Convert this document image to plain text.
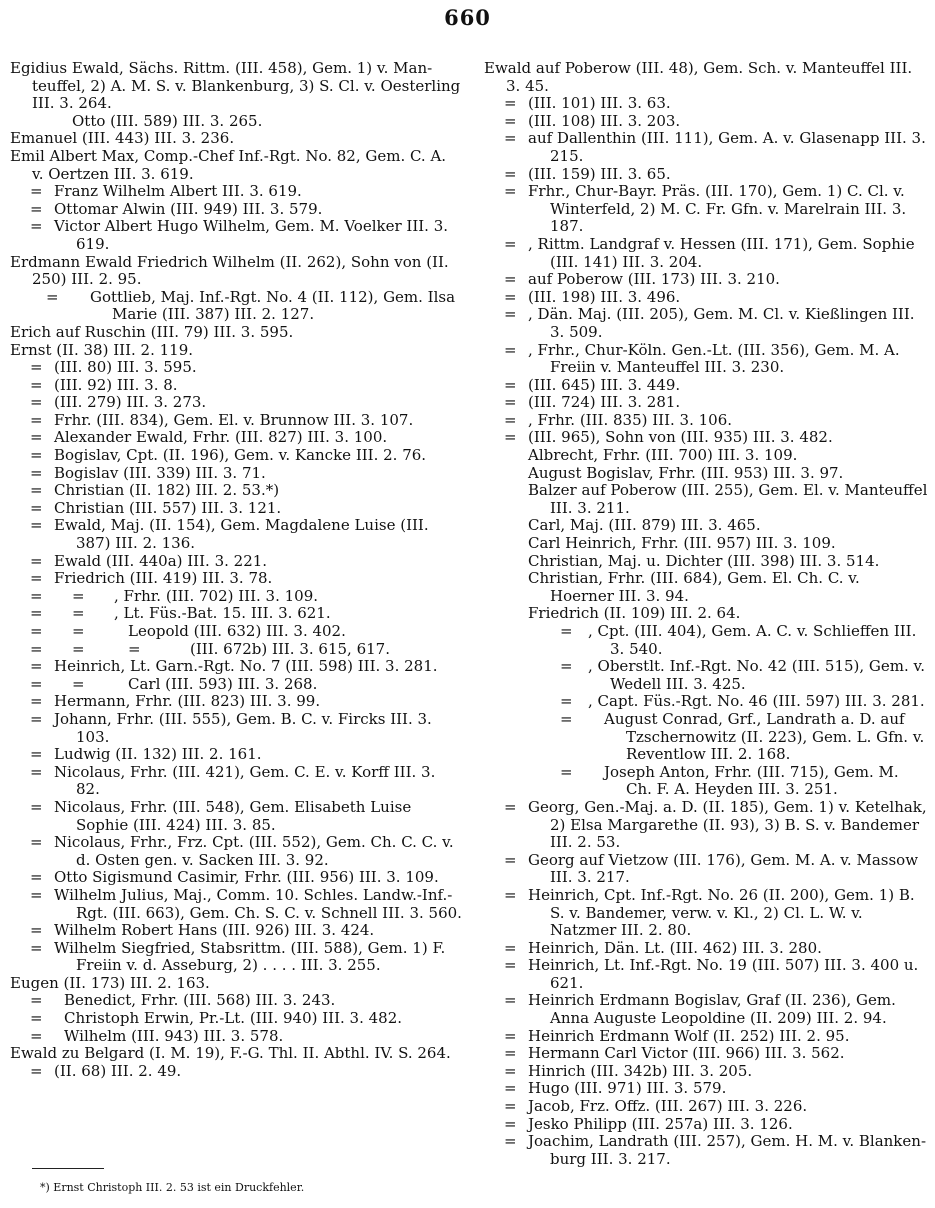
660
Egidius Ewald, Sächs. Rittm. (III. 458), Gem. 1) v. Manteuffel, 2) A. M. S. v. Blankenburg, 3) S. Cl. v. Oesterling III. 3. 264.
Otto (III. 589) III. 3. 265.
Emanuel (III. 443) III. 3. 236.
Emil Albert Max, Comp.-Chef Inf.-Rgt. No. 82, Gem. C. A. v. Oertzen III. 3. 619.
= Franz Wilhelm Albert III. 3. 619.
= Ottomar Alwin (III. 949) III. 3. 579.
= Victor Albert Hugo Wilhelm, Gem. M. Voelker III. 3. 619.
Erdmann Ewald Friedrich Wilhelm (II. 262), Sohn von (II. 250) III. 2. 95.
=	Gottlieb, Maj. Inf.-Rgt. No. 4 (II. 112), Gem. Ilsa Marie (III. 387) III. 2. 127.
Erich auf Ruschin (III. 79) III. 3. 595.
Ernst (II. 38) III. 2. 119.
= (III. 80) III. 3. 595.
= (III. 92) III. 3. 8.
= (III. 279) III. 3. 273.
= Frhr. (III. 834), Gem. El. v. Brunnow III. 3. 107.
= Alexander Ewald, Frhr. (III. 827) III. 3. 100.
= Bogislav, Cpt. (II. 196), Gem. v. Kancke III. 2. 76.
= Bogislav (III. 339) III. 3. 71.
= Christian (II. 182) III. 2. 53.*)
= Christian (III. 557) III. 3. 121.
= Ewald, Maj. (II. 154), Gem. Magdalene Luise (III. 387) III. 2. 136.
= Ewald (III. 440a) III. 3. 221.
= Friedrich (III. 419) III. 3. 78.
= =	, Frhr. (III. 702) III. 3. 109.
= =	, Lt. Füs.-Bat. 15. III. 3. 621.
= =	Leopold (III. 632) III. 3. 402.
= =	=	(III. 672b) III. 3. 615, 617.
= Heinrich, Lt. Garn.-Rgt. No. 7 (III. 598) III. 3. 281.
= =	Carl (III. 593) III. 3. 268.
= Hermann, Frhr. (III. 823) III. 3. 99.
= Johann, Frhr. (III. 555), Gem. B. C. v. Fircks III. 3. 103.
= Ludwig (II. 132) III. 2. 161.
= Nicolaus, Frhr. (III. 421), Gem. C. E. v. Korff III. 3. 82.
= Nicolaus, Frhr. (III. 548), Gem. Elisabeth Luise Sophie (III. 424) III. 3. 85.
= Nicolaus, Frhr., Frz. Cpt. (III. 552), Gem. Ch. C. C. v. d. Osten gen. v. Sacken III. 3. 92.
= Otto Sigismund Casimir, Frhr. (III. 956) III. 3. 109.
= Wilhelm Julius, Maj., Comm. 10. Schles. Landw.-Inf.-Rgt. (III. 663), Gem. Ch. S. C. v. Schnell III. 3. 560.
= Wilhelm Robert Hans (III. 926) III. 3. 424.
= Wilhelm Siegfried, Stabsrittm. (III. 588), Gem. 1) F. Freiin v. d. Asseburg, 2) . . . . III. 3. 255.
Eugen (II. 173) III. 2. 163.
=	Benedict, Frhr. (III. 568) III. 3. 243.
=	Christoph Erwin, Pr.-Lt. (III. 940) III. 3. 482.
=	Wilhelm (III. 943) III. 3. 578.
Ewald zu Belgard (I. M. 19), F.-G. Thl. II. Abthl. IV. S. 264.
= (II. 68) III. 2. 49.
Ewald auf Poberow (III. 48), Gem. Sch. v. Manteuffel III. 3. 45.
= (III. 101) III. 3. 63.
= (III. 108) III. 3. 203.
= auf Dallenthin (III. 111), Gem. A. v. Glasenapp III. 3. 215.
= (III. 159) III. 3. 65.
= Frhr., Chur-Bayr. Präs. (III. 170), Gem. 1) C. Cl. v. Winterfeld, 2) M. C. Fr. Gfn. v. Marelrain III. 3. 187.
= , Rittm. Landgraf v. Hessen (III. 171), Gem. Sophie (III. 141) III. 3. 204.
= auf Poberow (III. 173) III. 3. 210.
= (III. 198) III. 3. 496.
= , Dän. Maj. (III. 205), Gem. M. Cl. v. Kießlingen III. 3. 509.
= , Frhr., Chur-Köln. Gen.-Lt. (III. 356), Gem. M. A. Freiin v. Manteuffel III. 3. 230.
= (III. 645) III. 3. 449.
= (III. 724) III. 3. 281.
= , Frhr. (III. 835) III. 3. 106.
= (III. 965), Sohn von (III. 935) III. 3. 482.
Albrecht, Frhr. (III. 700) III. 3. 109.
August Bogislav, Frhr. (III. 953) III. 3. 97.
Balzer auf Poberow (III. 255), Gem. El. v. Manteuffel III. 3. 211.
Carl, Maj. (III. 879) III. 3. 465.
Carl Heinrich, Frhr. (III. 957) III. 3. 109.
Christian, Maj. u. Dichter (III. 398) III. 3. 514.
Christian, Frhr. (III. 684), Gem. El. Ch. C. v. Hoerner III. 3. 94.
Friedrich (II. 109) III. 2. 64.
=	, Cpt. (III. 404), Gem. A. C. v. Schlieffen III. 3. 540.
=	, Oberstlt. Inf.-Rgt. No. 42 (III. 515), Gem. v. Wedell III. 3. 425.
=	, Capt. Füs.-Rgt. No. 46 (III. 597) III. 3. 281.
=	August Conrad, Grf., Landrath a. D. auf Tzschernowitz (II. 223), Gem. L. Gfn. v. Reventlow III. 2. 168.
=	Joseph Anton, Frhr. (III. 715), Gem. M. Ch. F. A. Heyden III. 3. 251.
= Georg, Gen.-Maj. a. D. (II. 185), Gem. 1) v. Ketelhak, 2) Elsa Margarethe (II. 93), 3) B. S. v. Bandemer III. 2. 53.
= Georg auf Vietzow (III. 176), Gem. M. A. v. Massow III. 3. 217.
= Heinrich, Cpt. Inf.-Rgt. No. 26 (II. 200), Gem. 1) B. S. v. Bandemer, verw. v. Kl., 2) Cl. L. W. v. Natzmer III. 2. 80.
= Heinrich, Dän. Lt. (III. 462) III. 3. 280.
= Heinrich, Lt. Inf.-Rgt. No. 19 (III. 507) III. 3. 400 u. 621.
= Heinrich Erdmann Bogislav, Graf (II. 236), Gem. Anna Auguste Leopoldine (II. 209) III. 2. 94.
= Heinrich Erdmann Wolf (II. 252) III. 2. 95.
= Hermann Carl Victor (III. 966) III. 3. 562.
= Hinrich (III. 342b) III. 3. 205.
= Hugo (III. 971) III. 3. 579.
= Jacob, Frz. Offz. (III. 267) III. 3. 226.
= Jesko Philipp (III. 257a) III. 3. 126.
= Joachim, Landrath (III. 257), Gem. H. M. v. Blankenburg III. 3. 217.
*) Ernst Christoph III. 2. 53 ist ein Druckfehler.
